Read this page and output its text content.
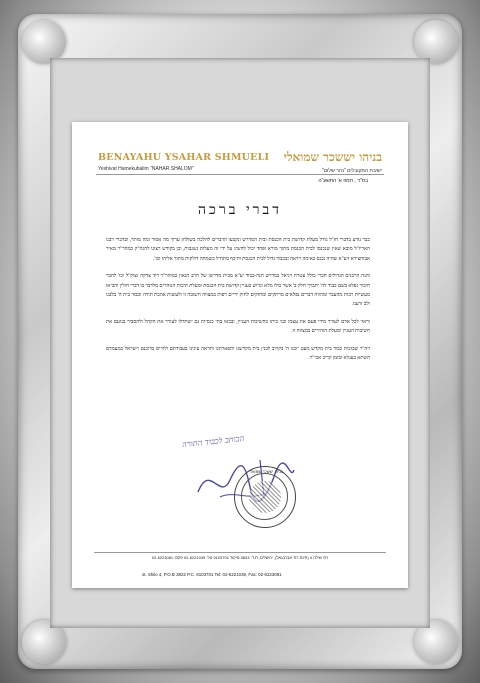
BENAYAHU YSAHAR SHMUELI
Yeshivat Hamekubalim "NAHAR SHALOM"
בניהו יששכר שמואלי
ישיבת המקובלים "נהר שלום"
בס"ד , תמוז א' התשע"ה
דברי ברכה

כבר נודע בדברי חז"ל גודל מעלת קדושת בית הכנסת ובית המדרש ונקבעו הדברים להלכה בשולחן ערוך מה אסור ומה מותר, ובדברי רבנו האריז"ל מובא שאין שנכנסו לבית הכנסת מתוך מורא ופחד יכול להשיג על ידי זה מעלות נשגבות, וכן בקודש רצונו להגה"ק כמהר"ר מאיר אבוחצירא זיע"א שהיה נכנס באימה ויראה ובכבוד גדול לבית הכנסת ותיכף מתחיל בשמחה דולקות מתוך אליהו וכו'.

והנה הרבנים הגדולים חברי כולל עטרת דניאל במדרש חנה-כבוד יע"א מבית מדרשו של הרב הגאון כמוהר"ר דוד צדקה זצוק"ל וכו' לחבר חיבור נפלא בשם כבוד לה' יתברך חלק ב' אשר כולו מלא וגדוש בעניין קדושת בית הכנסת ומעלת תיכות הנזהרים מלדבר בו דברי חולין והביאו מעשיות רבות מהעבר ומהווה דברים נפלאים מרתקים ומחזקים לחזק ידיים רפות במצווה חשובה זו ולעשות אהבת תורה וכבוד בית ה' בלבנו ולב זרענו.

וראוי לכל אדם לעורר מידי פעם את עצמו ובני ביתו בחשיבות העניין, ובבאו בתי כנסיות גם ישתדלו לעורר את הקהל ולהסביר בנועם את חשיבות העניין ומעלת הזהירים במצווה זו.

ויה"ר שבזכות כבוד בית מקדש מעט יזכנו ה' בקרוב לבנין בית מקדשנו ותפארתנו ותראה עינינו בעבודתם ולוויים בדוכנם וישראל במעמדם השתא בעגלא ובזמן קריב אכי"ר.

הכותב לכבוד התורה
בניהו יששכר שמואלי
רח' שילה 4 (פינת רח' אברבנאל), ירושלים, ת.ד. 3833 מיקוד 9103701 טל: 02-6221039 פקס: 02-6223081
st. Shilo 4, P.O.B 3822 P.C. 9103701 Tel: 02-6221039, Fax: 02-6223081
